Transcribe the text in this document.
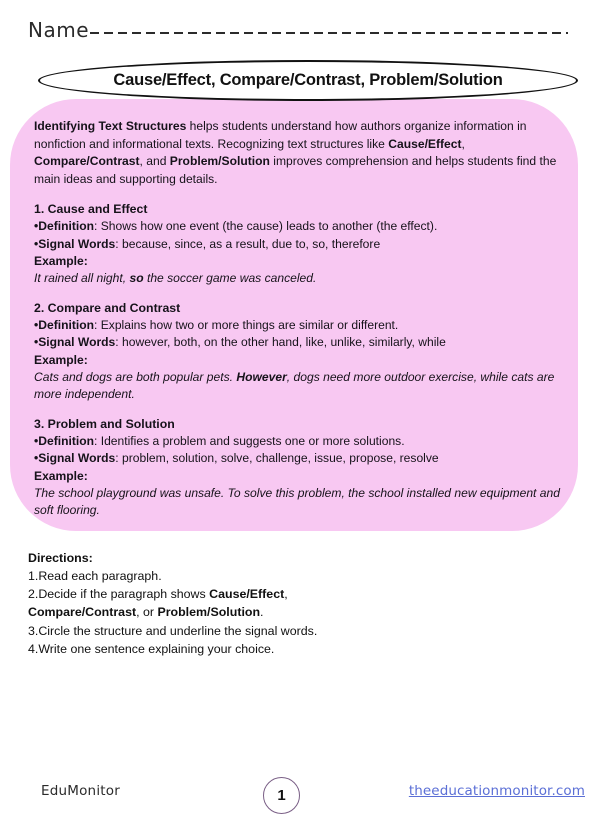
Name
Cause/Effect, Compare/Contrast, Problem/Solution

Identifying Text Structures helps students understand how authors organize information in nonfiction and informational texts. Recognizing text structures like Cause/Effect, Compare/Contrast, and Problem/Solution improves comprehension and helps students find the main ideas and supporting details.

1. Cause and Effect

•Definition: Shows how one event (the cause) leads to another (the effect).

•Signal Words: because, since, as a result, due to, so, therefore

Example:

It rained all night, so the soccer game was canceled.

2. Compare and Contrast

•Definition: Explains how two or more things are similar or different.

•Signal Words: however, both, on the other hand, like, unlike, similarly, while

Example:

Cats and dogs are both popular pets. However, dogs need more outdoor exercise, while cats are more independent.

3. Problem and Solution

•Definition: Identifies a problem and suggests one or more solutions.

•Signal Words: problem, solution, solve, challenge, issue, propose, resolve

Example:

The school playground was unsafe. To solve this problem, the school installed new equipment and soft flooring.

Directions:

1.Read each paragraph.

2.Decide if the paragraph shows Cause/Effect, Compare/Contrast, or Problem/Solution.

3.Circle the structure and underline the signal words.

4.Write one sentence explaining your choice.

EduMonitor	1	theeducationmonitor.com
